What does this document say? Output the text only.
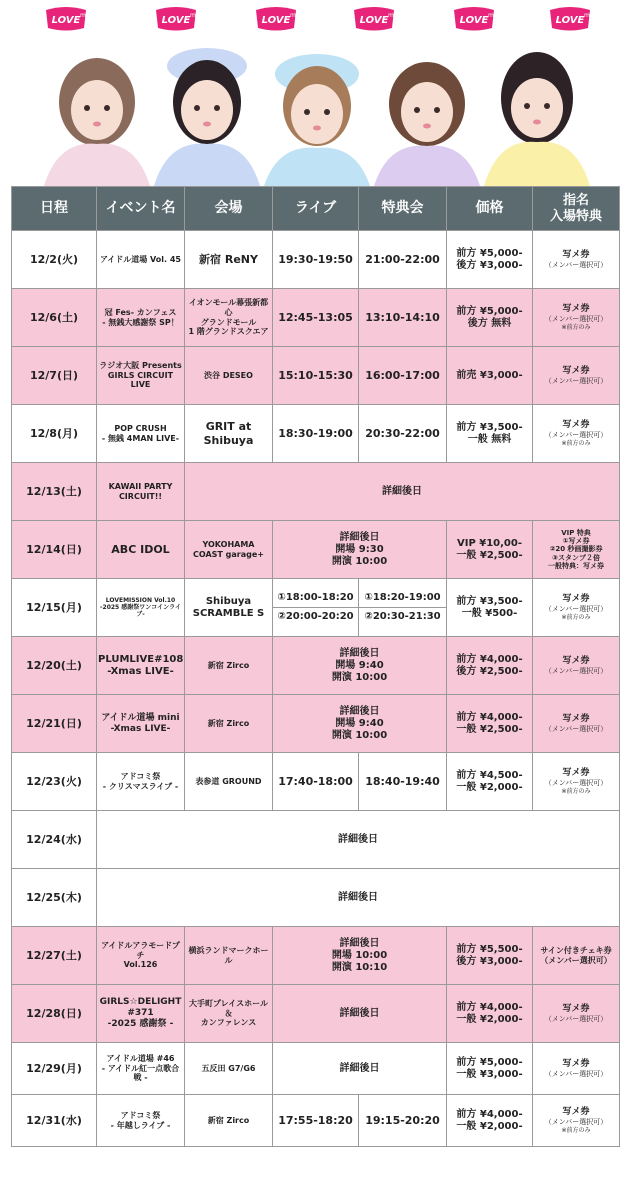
LOVE me	LOVE me	LOVE me	LOVE me	LOVE me	LOVE me
日程	イベント名	会場	ライブ	特典会	価格	指名
入場特典

12/2(火)	アイドル道場 Vol. 45	新宿 ReNY	19:30-19:50	21:00-22:00	前方 ¥5,000-
後方 ¥3,000-	写メ券
（メンバー選択可）

12/6(土)	冠 Fes- カンフェス
- 無銭大感謝祭 SP！	イオンモール幕張新都心
グランドモール
1 階グランドスクエア	12:45-13:05	13:10-14:10	前方 ¥5,000-
後方 無料	写メ券
（メンバー選択可）
※前方のみ

12/7(日)	ラジオ大阪 Presents
GIRLS CIRCUIT LIVE	渋谷 DESEO	15:10-15:30	16:00-17:00	前売 ¥3,000-	写メ券
（メンバー選択可）

12/8(月)	POP CRUSH
- 無銭 4MAN LIVE-	GRIT at
Shibuya	18:30-19:00	20:30-22:00	前方 ¥3,500-
一般 無料	写メ券
（メンバー選択可）
※前方のみ

12/13(土)	KAWAII PARTY
CIRCUIT!!	詳細後日				
12/14(日)	ABC IDOL	YOKOHAMA
COAST garage+	詳細後日
開場 9:30
開演 10:00		VIP ¥10,00-
一般 ¥2,500-	VIP 特典
①写メ券
②20 秒画撮影券
③スタンプ２倍
一般特典：写メ券

12/15(月)	LOVEMISSION Vol.10
-2025 感謝祭ワンコインライブ-	Shibuya
SCRAMBLE S	①18:00-18:20
②20:00-20:20	①18:20-19:00
②20:30-21:30	前方 ¥3,500-
一般 ¥500-	写メ券
（メンバー選択可）
※前方のみ

12/20(土)	PLUMLIVE#108
-Xmas LIVE-	新宿 Zirco	詳細後日
開場 9:40
開演 10:00		前方 ¥4,000-
後方 ¥2,500-	写メ券
（メンバー選択可）

12/21(日)	アイドル道場 mini
-Xmas LIVE-	新宿 Zirco	詳細後日
開場 9:40
開演 10:00		前方 ¥4,000-
一般 ¥2,500-	写メ券
（メンバー選択可）

12/23(火)	アドコミ祭
- クリスマスライブ -	表参道 GROUND	17:40-18:00	18:40-19:40	前方 ¥4,500-
一般 ¥2,000-	写メ券
（メンバー選択可）
※前方のみ

12/24(水)	詳細後日					
12/25(木)	詳細後日					
12/27(土)	アイドルアラモードプチ
Vol.126	横浜ランドマークホール	詳細後日
開場 10:00
開演 10:10		前方 ¥5,500-
後方 ¥3,000-	サイン付きチェキ券
（メンバー選択可）

12/28(日)	GIRLS☆DELIGHT
#371
-2025 感謝祭 -	大手町プレイスホール＆
カンファレンス	詳細後日		前方 ¥4,000-
一般 ¥2,000-	写メ券
（メンバー選択可）

12/29(月)	アイドル道場 #46
- アイドル紅一点歌合戦 -	五反田 G7/G6	詳細後日		前方 ¥5,000-
一般 ¥3,000-	写メ券
（メンバー選択可）

12/31(水)	アドコミ祭
- 年越しライブ -	新宿 Zirco	17:55-18:20	19:15-20:20	前方 ¥4,000-
一般 ¥2,000-	写メ券
（メンバー選択可）
※前方のみ
